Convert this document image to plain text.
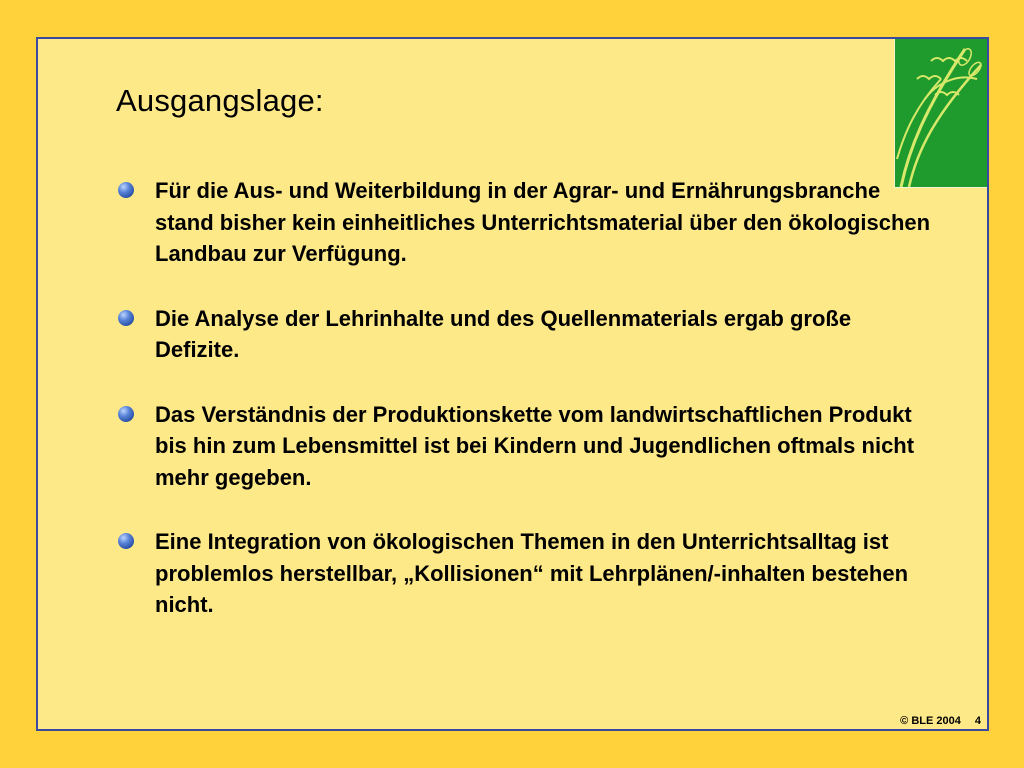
Ausgangslage:
Für die Aus- und Weiterbildung in der Agrar- und Ernährungsbranche stand bisher kein einheitliches Unterrichtsmaterial über den ökologischen Landbau zur Verfügung.
Die Analyse der Lehrinhalte und des Quellenmaterials ergab große Defizite.
Das Verständnis der Produktionskette vom landwirtschaftlichen Produkt bis hin zum Lebensmittel ist bei Kindern und Jugendlichen oftmals nicht mehr gegeben.
Eine Integration von ökologischen Themen in den Unterrichtsalltag ist problemlos herstellbar, „Kollisionen“ mit Lehrplänen/-inhalten bestehen nicht.
© BLE 2004 4
